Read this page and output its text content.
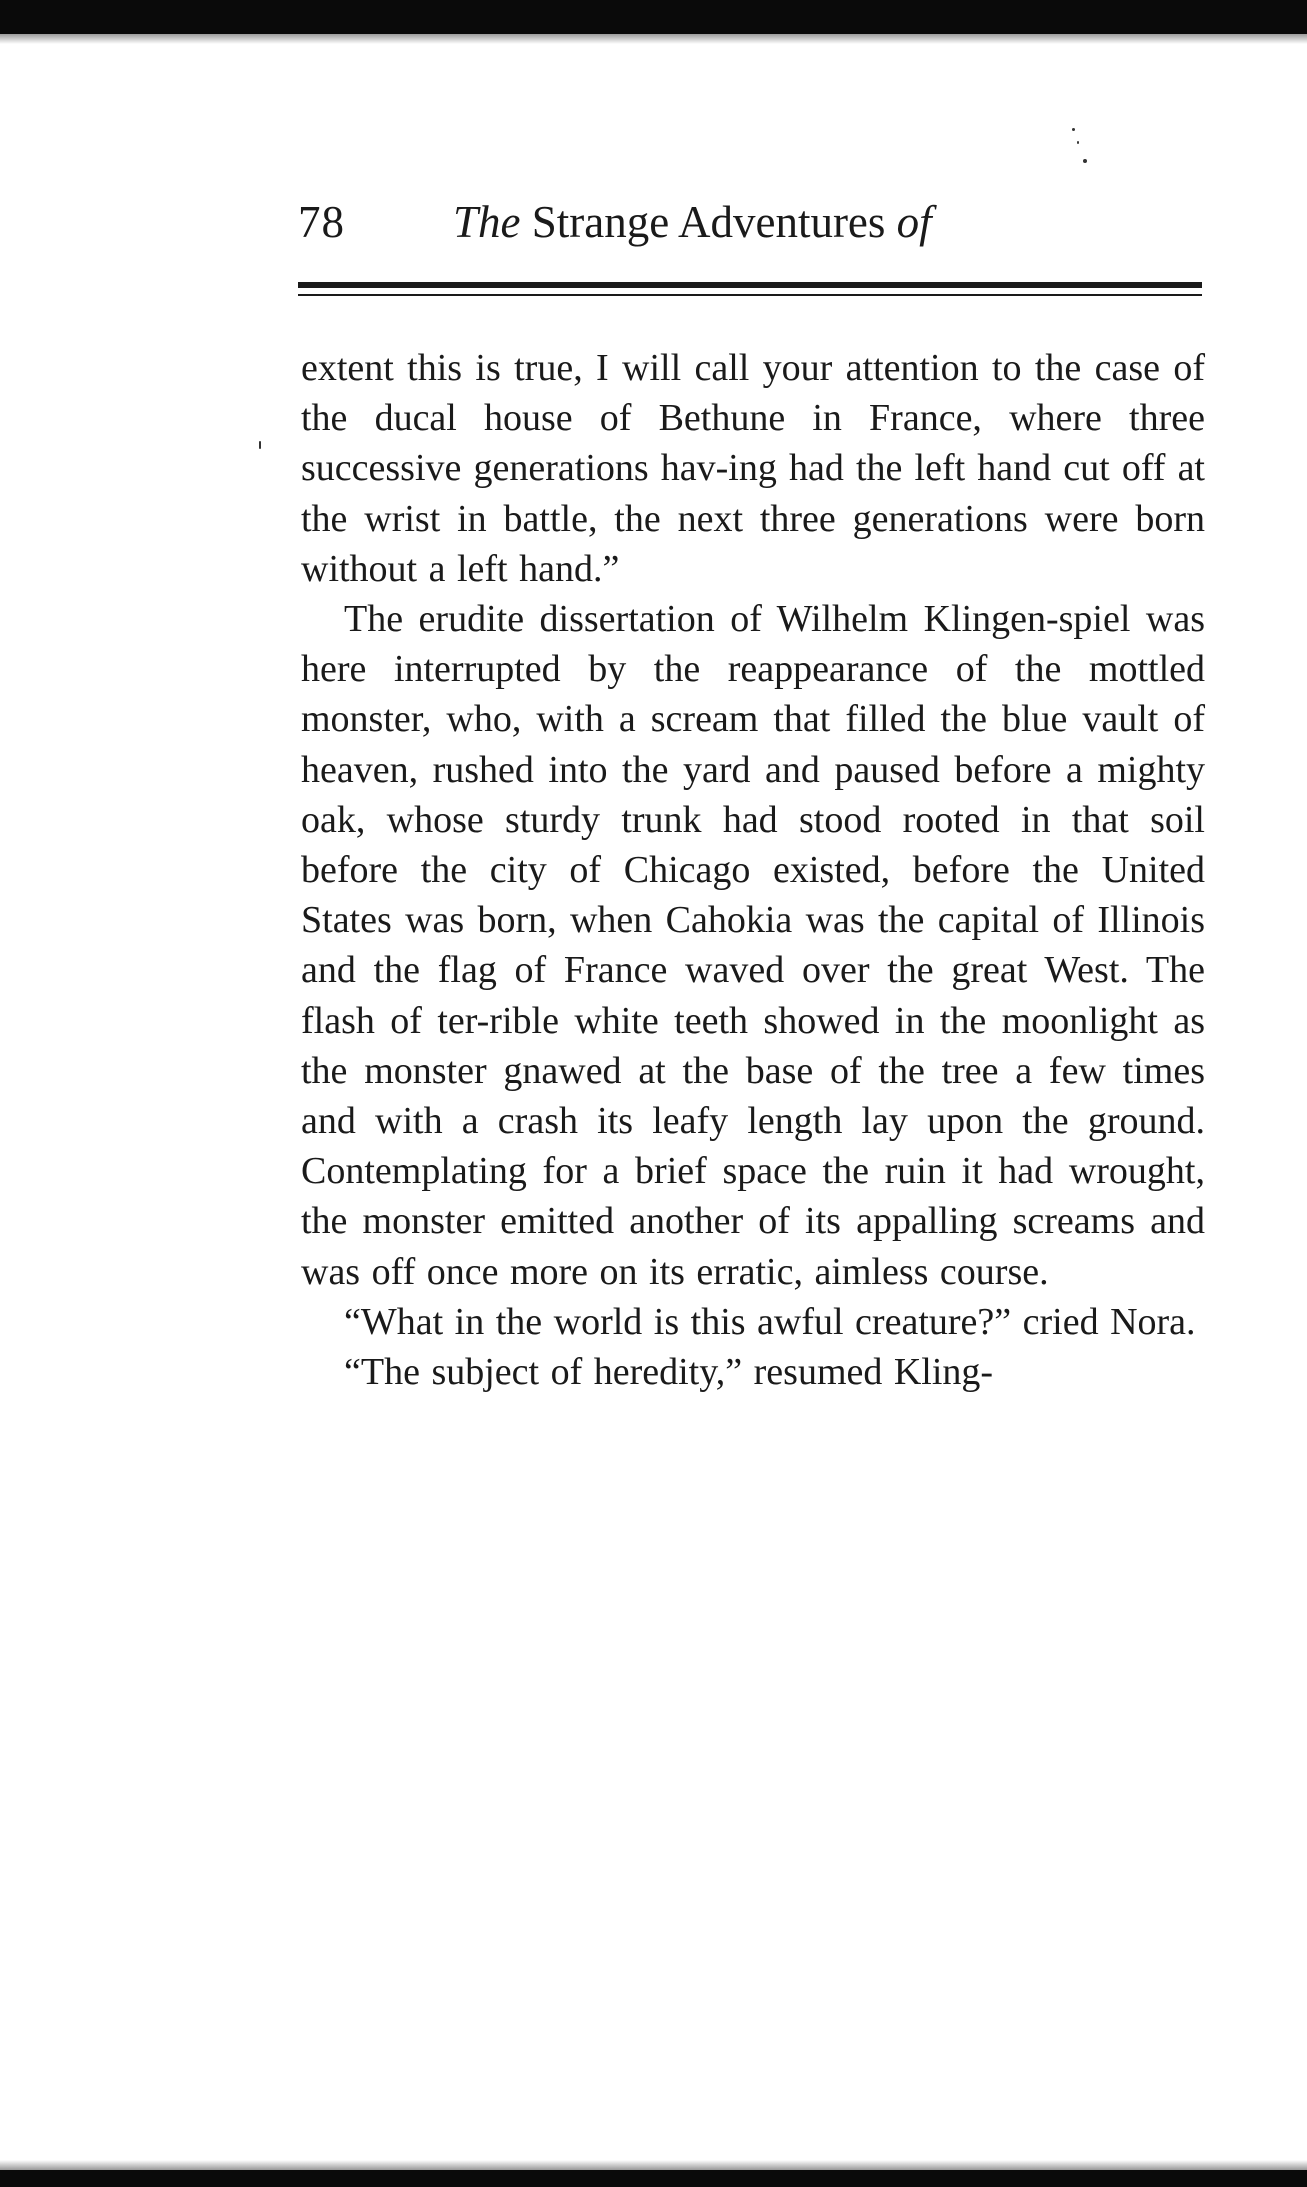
78 The Strange Adventures of

extent this is true, I will call your attention to the case of the ducal house of Bethune in France, where three successive generations hav-ing had the left hand cut off at the wrist in battle, the next three generations were born without a left hand.”

The erudite dissertation of Wilhelm Klingen-spiel was here interrupted by the reappearance of the mottled monster, who, with a scream that filled the blue vault of heaven, rushed into the yard and paused before a mighty oak, whose sturdy trunk had stood rooted in that soil before the city of Chicago existed, before the United States was born, when Cahokia was the capital of Illinois and the flag of France waved over the great West. The flash of ter-rible white teeth showed in the moonlight as the monster gnawed at the base of the tree a few times and with a crash its leafy length lay upon the ground. Contemplating for a brief space the ruin it had wrought, the monster emitted another of its appalling screams and was off once more on its erratic, aimless course.

“What in the world is this awful creature?” cried Nora.

“The subject of heredity,” resumed Kling-
